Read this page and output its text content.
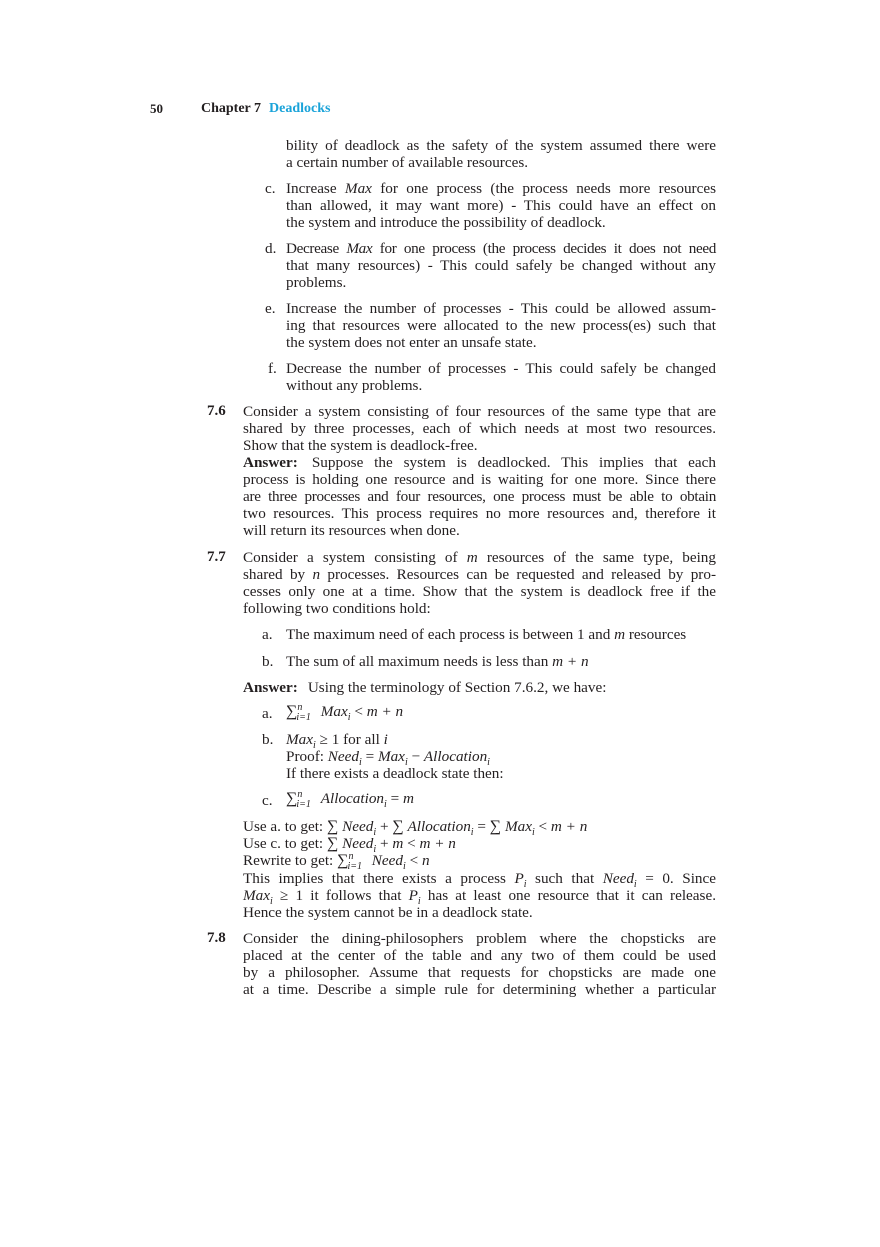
50	Chapter 7 Deadlocks
bility of deadlock as the safety of the system assumed there were
a certain number of available resources.
c. Increase Max for one process (the process needs more resources
than allowed, it may want more) - This could have an effect on
the system and introduce the possibility of deadlock.
d. Decrease Max for one process (the process decides it does not need
that many resources) - This could safely be changed without any
problems.
e. Increase the number of processes - This could be allowed assum-
ing that resources were allocated to the new process(es) such that
the system does not enter an unsafe state.
f. Decrease the number of processes - This could safely be changed
without any problems.
7.6 Consider a system consisting of four resources of the same type that are
shared by three processes, each of which needs at most two resources.
Show that the system is deadlock-free.
Answer: Suppose the system is deadlocked. This implies that each
process is holding one resource and is waiting for one more. Since there
are three processes and four resources, one process must be able to obtain
two resources. This process requires no more resources and, therefore it
will return its resources when done.
7.7 Consider a system consisting of m resources of the same type, being
shared by n processes. Resources can be requested and released by pro-
cesses only one at a time. Show that the system is deadlock free if the
following two conditions hold:
a. The maximum need of each process is between 1 and m resources
b. The sum of all maximum needs is less than m + n
Answer: Using the terminology of Section 7.6.2, we have:
a. ∑$^n_{i=1}$ Max$_i$ < m + n
b. Max$_i$ ≥ 1 for all i
Proof: Need$_i$ = Max$_i$ − Allocation$_i$
If there exists a deadlock state then:
c. ∑$^n_{i=1}$ Allocation$_i$ = m
Use a. to get: ∑ Need$_i$ + ∑ Allocation$_i$ = ∑ Max$_i$ < m + n
Use c. to get: ∑ Need$_i$ + m < m + n
Rewrite to get: ∑$^n_{i=1}$ Need$_i$ < n
This implies that there exists a process $P_i$ such that Need$_i$ = 0. Since
Max$_i$ ≥ 1 it follows that $P_i$ has at least one resource that it can release.
Hence the system cannot be in a deadlock state.
7.8 Consider the dining-philosophers problem where the chopsticks are
placed at the center of the table and any two of them could be used
by a philosopher. Assume that requests for chopsticks are made one
at a time. Describe a simple rule for determining whether a particular
